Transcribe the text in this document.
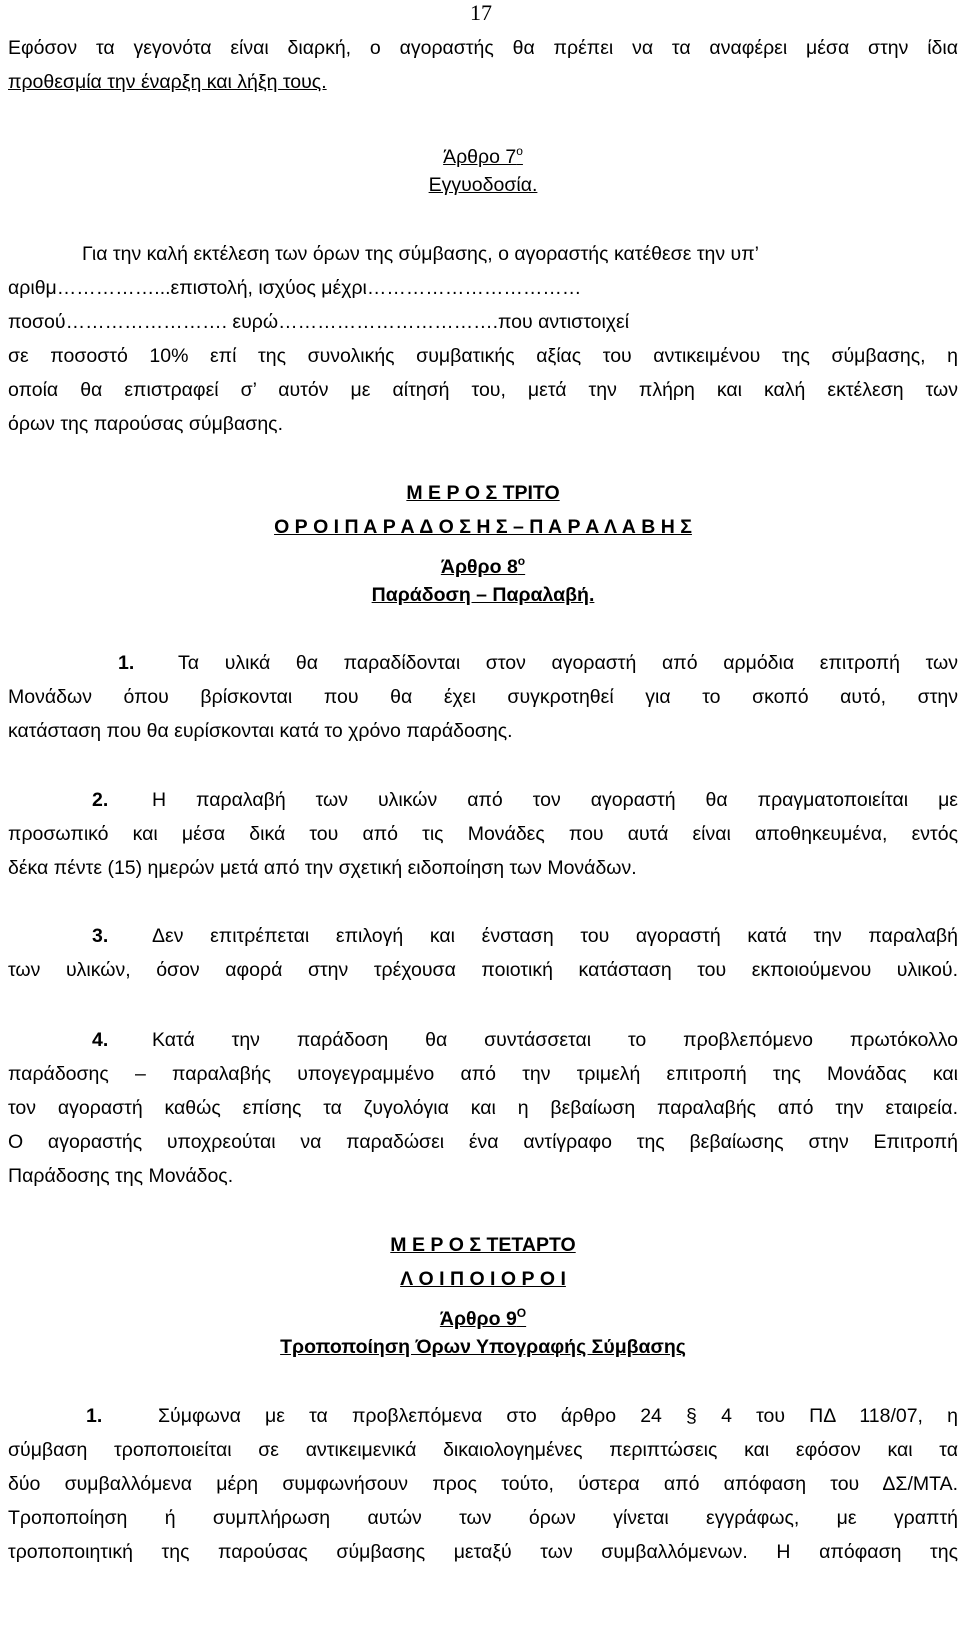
17
Εφόσον τα γεγονότα είναι διαρκή, ο αγοραστής θα πρέπει να τα αναφέρει μέσα στην ίδια
προθεσμία την έναρξη και λήξη τους.
Άρθρο $7^o$
Εγγυοδοσία.
Για την καλή εκτέλεση των όρων της σύμβασης, ο αγοραστής κατέθεσε την υπ’
αριθμ……………...επιστολή, ισχύος μέχρι……………………………
ποσού……………………. ευρώ…………………………….που αντιστοιχεί
σε ποσοστό 10% επί της συνολικής συμβατικής αξίας του αντικειμένου της σύμβασης, η
οποία θα επιστραφεί σ’ αυτόν με αίτησή του, μετά την πλήρη και καλή εκτέλεση των
όρων της παρούσας σύμβασης.
Μ Ε Ρ Ο Σ ΤΡΙΤΟ
Ο Ρ Ο Ι Π Α Ρ Α Δ Ο Σ Η Σ – Π Α Ρ Α Λ Α Β Η Σ
Άρθρο $8^o$
Παράδοση – Παραλαβή.
1. Τα υλικά θα παραδίδονται στον αγοραστή από αρμόδια επιτροπή των
Μονάδων όπου βρίσκονται που θα έχει συγκροτηθεί για το σκοπό αυτό, στην
κατάσταση που θα ευρίσκονται κατά το χρόνο παράδοσης.
2. Η παραλαβή των υλικών από τον αγοραστή θα πραγματοποιείται με
προσωπικό και μέσα δικά του από τις Μονάδες που αυτά είναι αποθηκευμένα, εντός
δέκα πέντε (15) ημερών μετά από την σχετική ειδοποίηση των Μονάδων.
3. Δεν επιτρέπεται επιλογή και ένσταση του αγοραστή κατά την παραλαβή
των υλικών, όσον αφορά στην τρέχουσα ποιοτική κατάσταση του εκποιούμενου υλικού.
4. Κατά την παράδοση θα συντάσσεται το προβλεπόμενο πρωτόκολλο
παράδοσης – παραλαβής υπογεγραμμένο από την τριμελή επιτροπή της Μονάδας και
τον αγοραστή καθώς επίσης τα ζυγολόγια και η βεβαίωση παραλαβής από την εταιρεία.
Ο αγοραστής υποχρεούται να παραδώσει ένα αντίγραφο της βεβαίωσης στην Επιτροπή
Παράδοσης της Μονάδος.
Μ Ε Ρ Ο Σ ΤΕΤΑΡΤΟ
Λ Ο Ι Π Ο Ι Ο Ρ Ο Ι
Άρθρο $9^O$
Τροποποίηση Όρων Υπογραφής Σύμβασης
1.	Σύμφωνα με τα προβλεπόμενα στο άρθρο 24 § 4 του ΠΔ 118/07, η
σύμβαση τροποποιείται σε αντικειμενικά δικαιολογημένες περιπτώσεις και εφόσον και τα
δύο συμβαλλόμενα μέρη συμφωνήσουν προς τούτο, ύστερα από απόφαση του ΔΣ/ΜΤΑ.
Τροποποίηση ή συμπλήρωση αυτών των όρων γίνεται εγγράφως, με γραπτή
τροποποιητική της παρούσας σύμβασης μεταξύ των συμβαλλόμενων. Η απόφαση της
